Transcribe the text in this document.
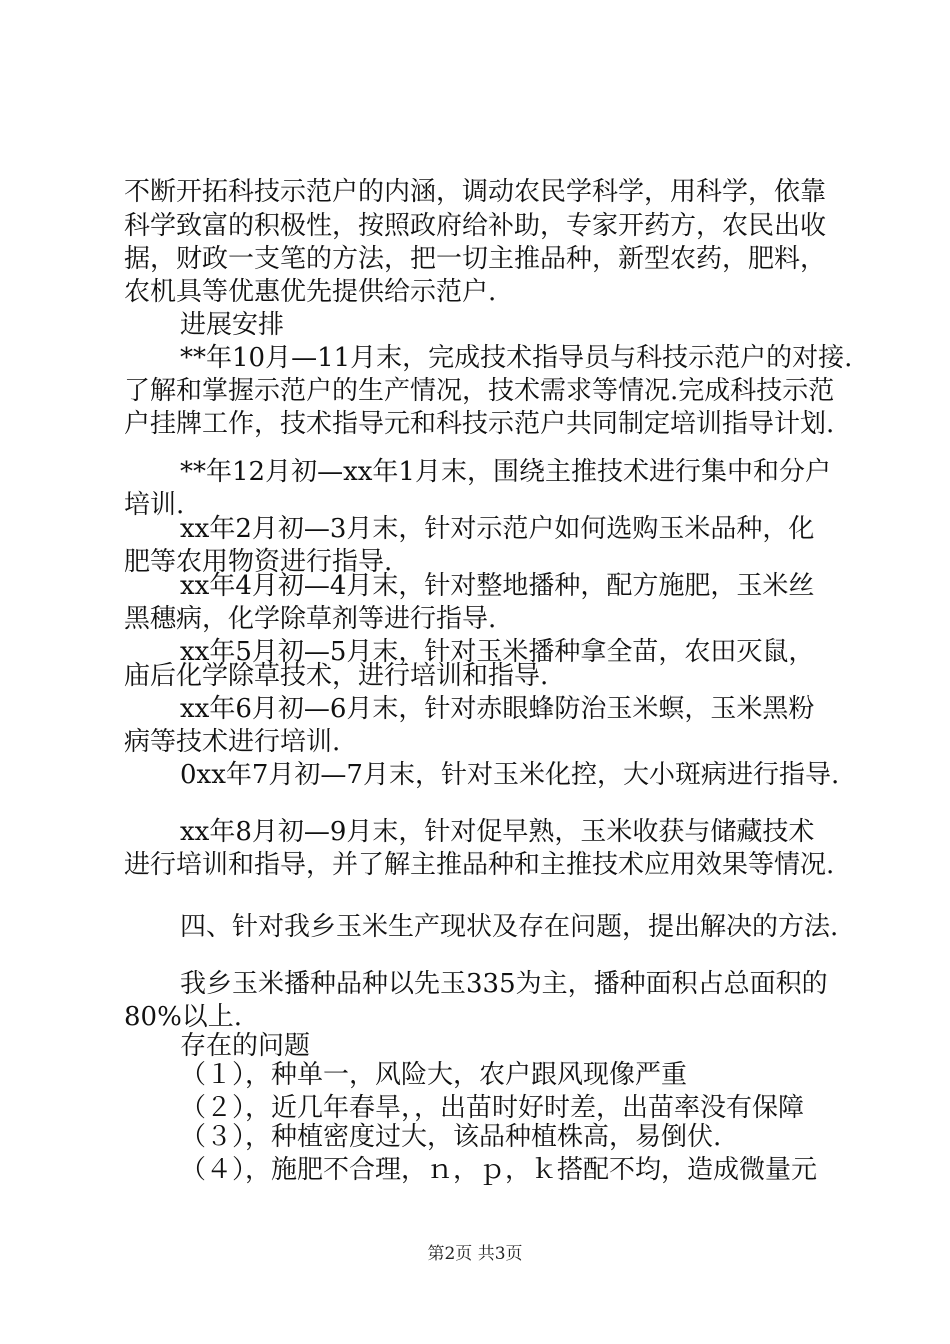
不断开拓科技示范户的内涵，调动农民学科学，用科学，依靠
科学致富的积极性，按照政府给补助，专家开药方，农民出收
据，财政一支笔的方法，把一切主推品种，新型农药，肥料，
农机具等优惠优先提供给示范户.
进展安排
**年10月—11月末，完成技术指导员与科技示范户的对接.
了解和掌握示范户的生产情况，技术需求等情况.完成科技示范
户挂牌工作，技术指导元和科技示范户共同制定培训指导计划.
**年12月初—xx年1月末，围绕主推技术进行集中和分户
培训.
xx年2月初—3月末，针对示范户如何选购玉米品种，化
肥等农用物资进行指导.
xx年4月初—4月末，针对整地播种，配方施肥，玉米丝
黑穗病，化学除草剂等进行指导.
xx年5月初—5月末，针对玉米播种拿全苗，农田灭鼠，
庙后化学除草技术，进行培训和指导.
xx年6月初—6月末，针对赤眼蜂防治玉米螟，玉米黑粉
病等技术进行培训.
0xx年7月初—7月末，针对玉米化控，大小斑病进行指导.
xx年8月初—9月末，针对促早熟，玉米收获与储藏技术
进行培训和指导，并了解主推品种和主推技术应用效果等情况.
四、针对我乡玉米生产现状及存在问题，提出解决的方法.
我乡玉米播种品种以先玉335为主，播种面积占总面积的
80%以上.
存在的问题
（１），种单一，风险大，农户跟风现像严重
（２），近几年春旱，，出苗时好时差，出苗率没有保障
（３），种植密度过大，该品种植株高，易倒伏.
（４），施肥不合理，ｎ，ｐ，ｋ搭配不均，造成微量元
第2页 共3页
